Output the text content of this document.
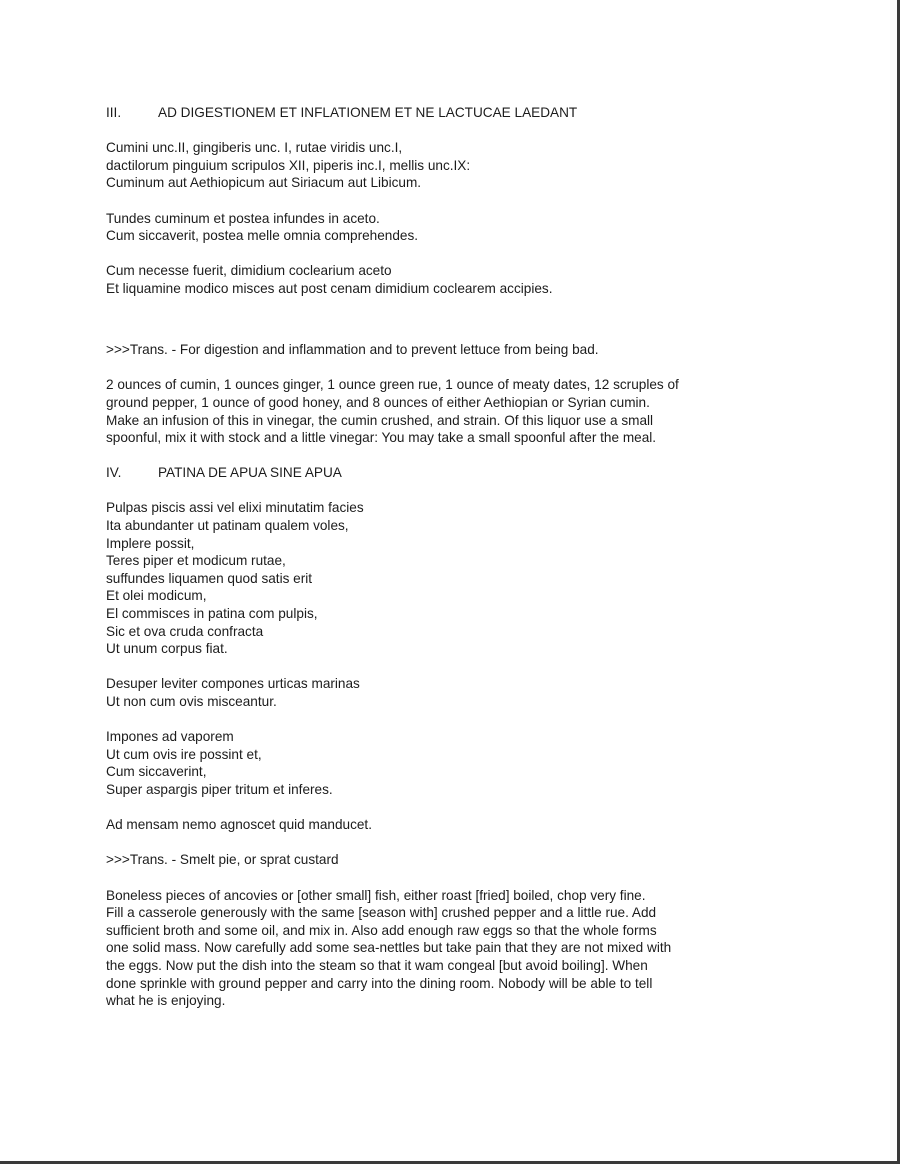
III.	AD DIGESTIONEM ET INFLATIONEM ET NE LACTUCAE LAEDANT
Cumini unc.II, gingiberis unc. I, rutae viridis unc.I,
dactilorum pinguium scripulos XII, piperis inc.I, mellis unc.IX:
Cuminum aut Aethiopicum aut Siriacum aut Libicum.
Tundes cuminum et postea infundes in aceto.
Cum siccaverit, postea melle omnia comprehendes.
Cum necesse fuerit, dimidium coclearium aceto
Et liquamine modico misces aut post cenam dimidium coclearem accipies.
>>>Trans. - For digestion and inflammation and to prevent lettuce from being bad.
2 ounces of cumin, 1 ounces ginger, 1 ounce green rue, 1 ounce of meaty dates, 12 scruples of
ground pepper, 1 ounce of good honey, and 8 ounces of either Aethiopian or Syrian cumin.
Make an infusion of this in vinegar, the cumin crushed, and strain. Of this liquor use a small
spoonful, mix it with stock and a little vinegar: You may take a small spoonful after the meal.
IV.	PATINA DE APUA SINE APUA
Pulpas piscis assi vel elixi minutatim facies
Ita abundanter ut patinam qualem voles,
Implere possit,
Teres piper et modicum rutae,
suffundes liquamen quod satis erit
Et olei modicum,
El commisces in patina com pulpis,
Sic et ova cruda confracta
Ut unum corpus fiat.
Desuper leviter compones urticas marinas
Ut non cum ovis misceantur.
Impones ad vaporem
Ut cum ovis ire possint et,
Cum siccaverint,
Super aspargis piper tritum et inferes.
Ad mensam nemo agnoscet quid manducet.
>>>Trans. - Smelt pie, or sprat custard
Boneless pieces of ancovies or [other small] fish, either roast [fried] boiled, chop very fine.
Fill a casserole generously with the same [season with] crushed pepper and a little rue. Add
sufficient broth and some oil, and mix in. Also add enough raw eggs so that the whole forms
one solid mass. Now carefully add some sea-nettles but take pain that they are not mixed with
the eggs. Now put the dish into the steam so that it wam congeal [but avoid boiling]. When
done sprinkle with ground pepper and carry into the dining room. Nobody will be able to tell
what he is enjoying.
